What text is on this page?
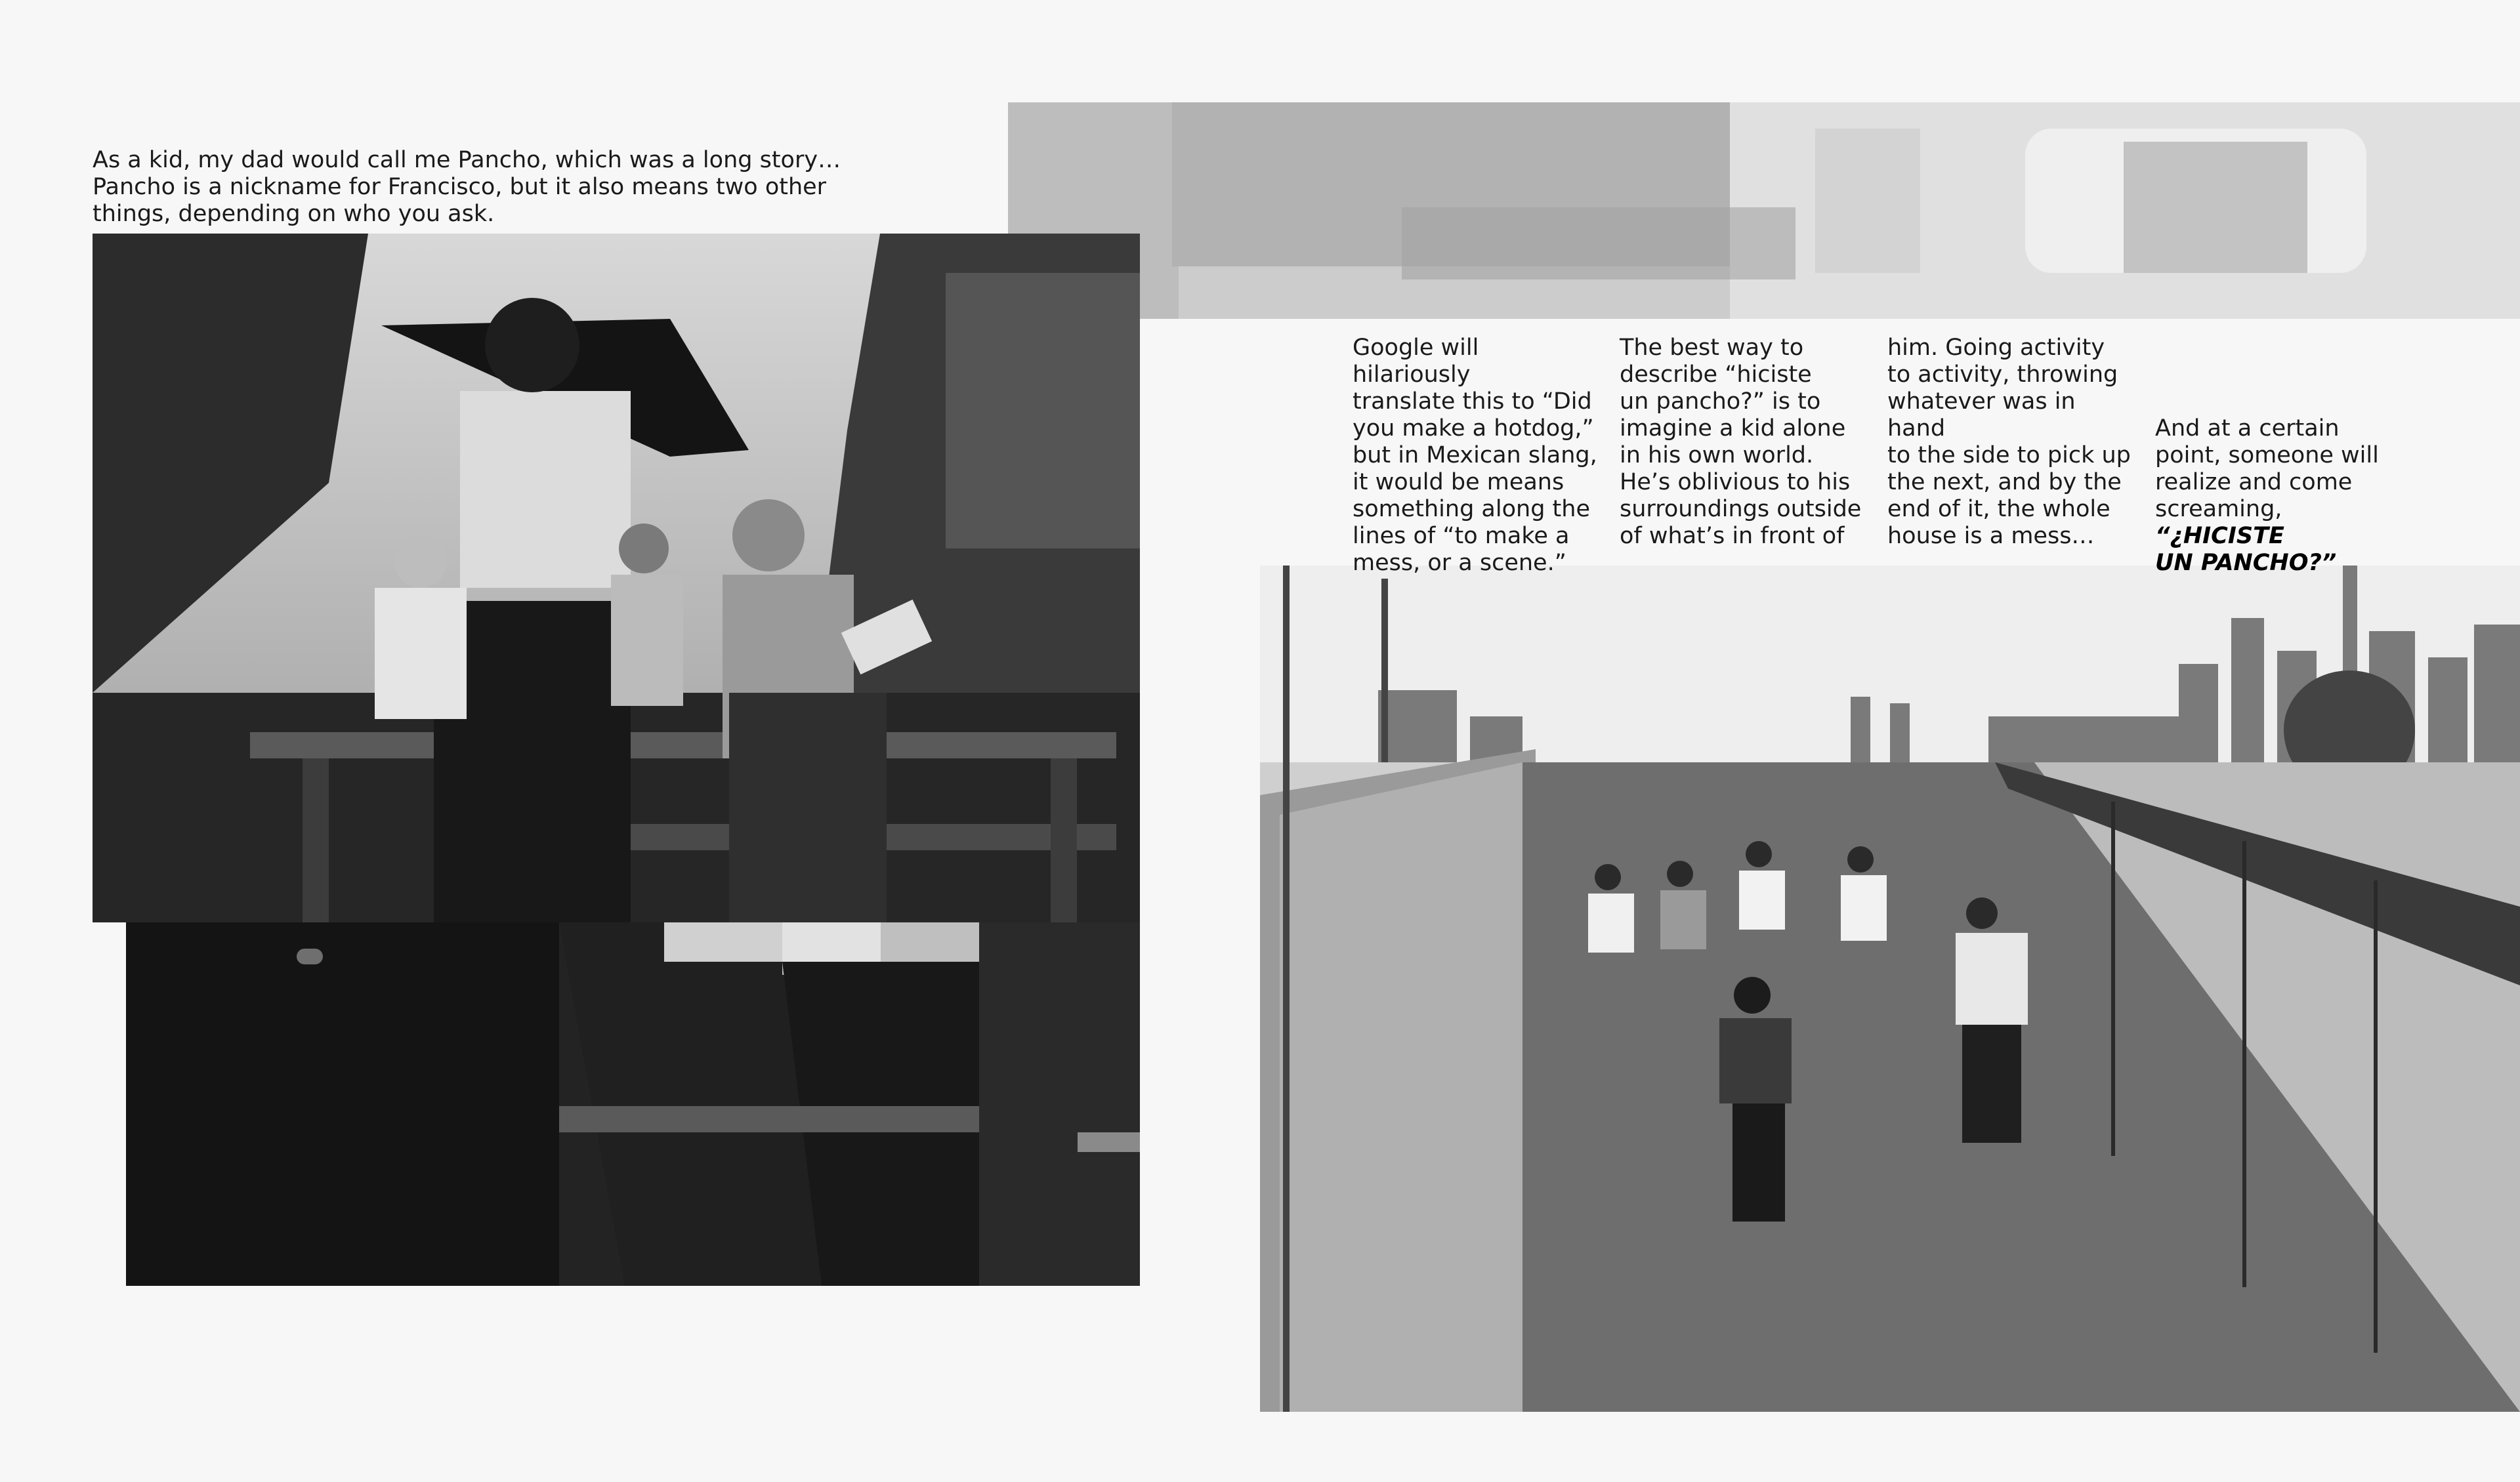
As a kid, my dad would call me Pancho, which was a long story…
Pancho is a nickname for Francisco, but it also means two other
things, depending on who you ask.
Google will hilariously
translate this to “Did
you make a hotdog,”
but in Mexican slang,
it would be means
something along the
lines of “to make a
mess, or a scene.”
The best way to
describe “hiciste
un pancho?” is to
imagine a kid alone
in his own world.
He’s oblivious to his
surroundings outside
of what’s in front of
him. Going activity
to activity, throwing
whatever was in hand
to the side to pick up
the next, and by the
end of it, the whole
house is a mess…
And at a certain
point, someone will
realize and come
screaming, “¿HICISTE
UN PANCHO?”
